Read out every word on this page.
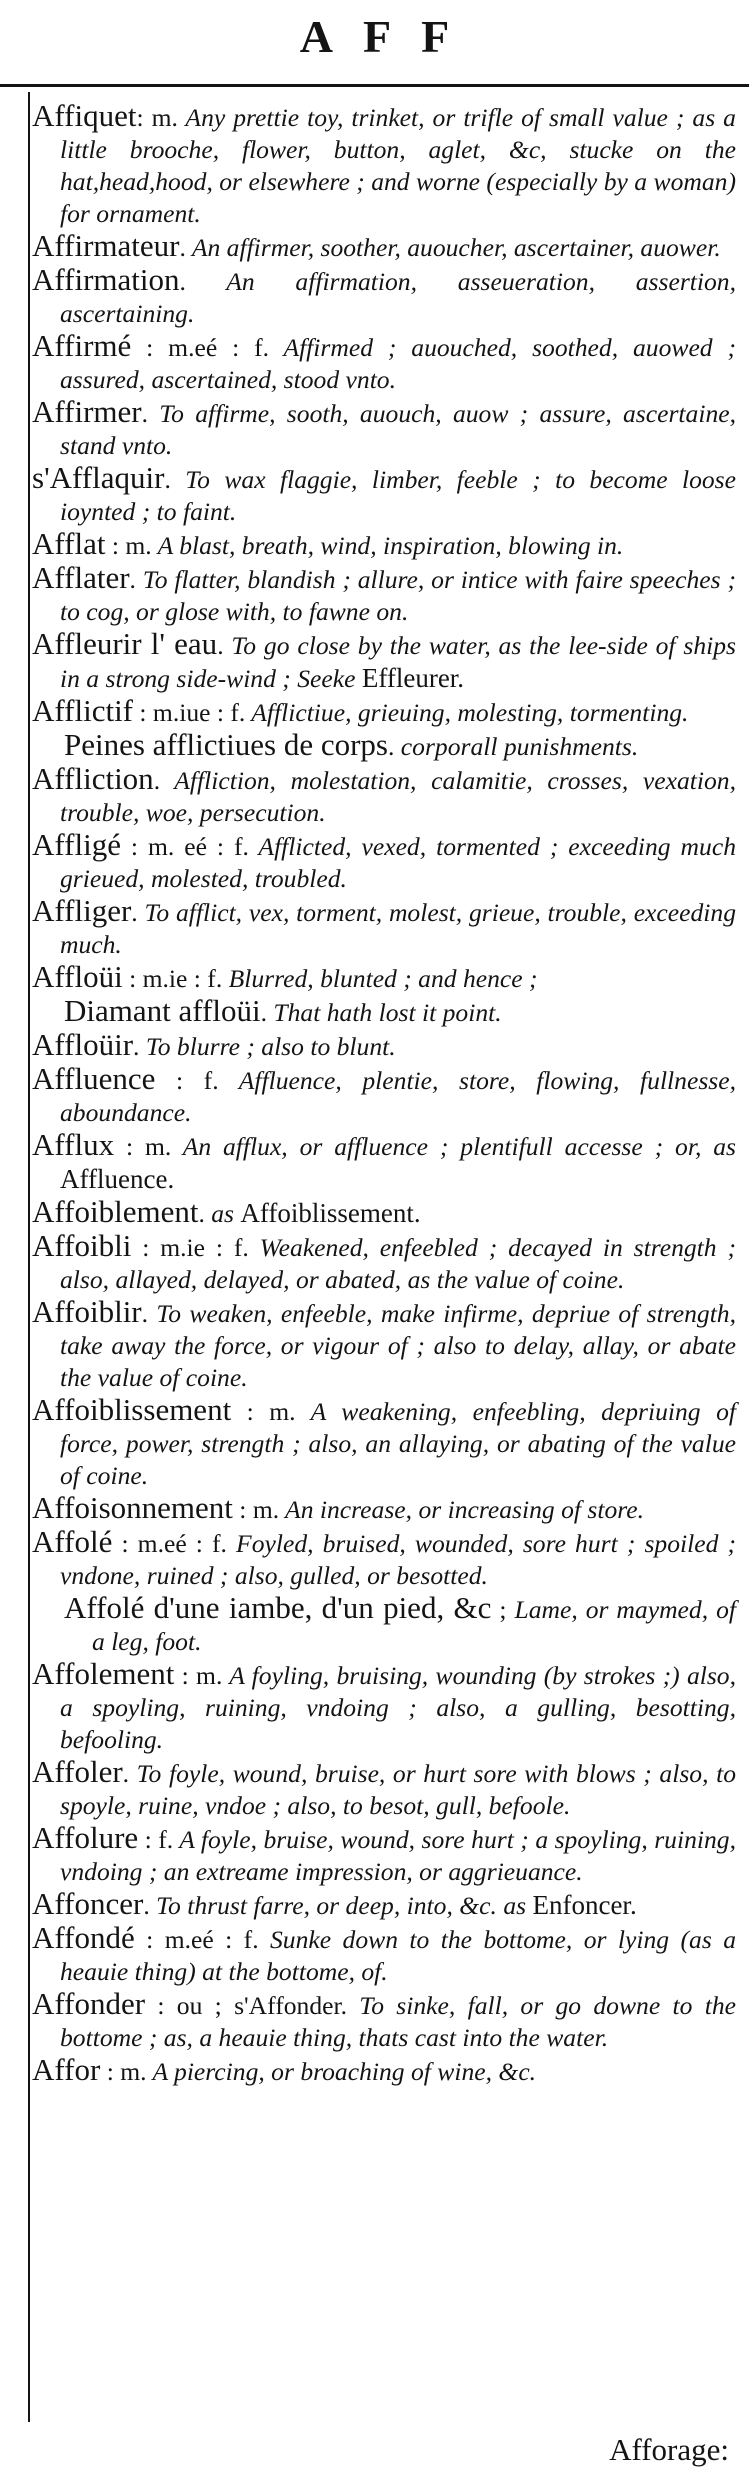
AFF
Affiquet: m. Any prettie toy, trinket, or trifle of small value ; as a little brooche, flower, button, aglet, &c, stucke on the hat,head,hood, or elsewhere ; and worne (especially by a woman) for ornament.
Affirmateur. An affirmer, soother, auoucher, ascertainer, auower.
Affirmation. An affirmation, asseueration, assertion, ascertaining.
Affirmé : m.eé : f. Affirmed ; auouched, soothed, auowed ; assured, ascertained, stood vnto.
Affirmer. To affirme, sooth, auouch, auow ; assure, ascertaine, stand vnto.
s'Afflaquir. To wax flaggie, limber, feeble ; to become loose ioynted ; to faint.
Afflat : m. A blast, breath, wind, inspiration, blowing in.
Afflater. To flatter, blandish ; allure, or intice with faire speeches ; to cog, or glose with, to fawne on.
Affleurir l' eau. To go close by the water, as the lee-side of ships in a strong side-wind ; Seeke Effleurer.
Afflictif : m.iue : f. Afflictiue, grieuing, molesting, tormenting.
Peines afflictiues de corps. corporall punishments.
Affliction. Affliction, molestation, calamitie, crosses, vexation, trouble, woe, persecution.
Affligé : m. eé : f. Afflicted, vexed, tormented ; exceeding much grieued, molested, troubled.
Affliger. To afflict, vex, torment, molest, grieue, trouble, exceeding much.
Affloüi : m.ie : f. Blurred, blunted ; and hence ;
Diamant affloüi. That hath lost it point.
Affloüir. To blurre ; also to blunt.
Affluence : f. Affluence, plentie, store, flowing, fullnesse, aboundance.
Afflux : m. An afflux, or affluence ; plentifull accesse ; or, as Affluence.
Affoiblement. as Affoiblissement.
Affoibli : m.ie : f. Weakened, enfeebled ; decayed in strength ; also, allayed, delayed, or abated, as the value of coine.
Affoiblir. To weaken, enfeeble, make infirme, depriue of strength, take away the force, or vigour of ; also to delay, allay, or abate the value of coine.
Affoiblissement : m. A weakening, enfeebling, depriuing of force, power, strength ; also, an allaying, or abating of the value of coine.
Affoisonnement : m. An increase, or increasing of store.
Affolé : m.eé : f. Foyled, bruised, wounded, sore hurt ; spoiled ; vndone, ruined ; also, gulled, or besotted.
Affolé d'une iambe, d'un pied, &c ; Lame, or maymed, of a leg, foot.
Affolement : m. A foyling, bruising, wounding (by strokes ;) also, a spoyling, ruining, vndoing ; also, a gulling, besotting, befooling.
Affoler. To foyle, wound, bruise, or hurt sore with blows ; also, to spoyle, ruine, vndoe ; also, to besot, gull, befoole.
Affolure : f. A foyle, bruise, wound, sore hurt ; a spoyling, ruining, vndoing ; an extreame impression, or aggrieuance.
Affoncer. To thrust farre, or deep, into, &c. as Enfoncer.
Affondé : m.eé : f. Sunke down to the bottome, or lying (as a heauie thing) at the bottome, of.
Affonder : ou ; s'Affonder. To sinke, fall, or go downe to the bottome ; as, a heauie thing, thats cast into the water.
Affor : m. A piercing, or broaching of wine, &c.
Afforage:
